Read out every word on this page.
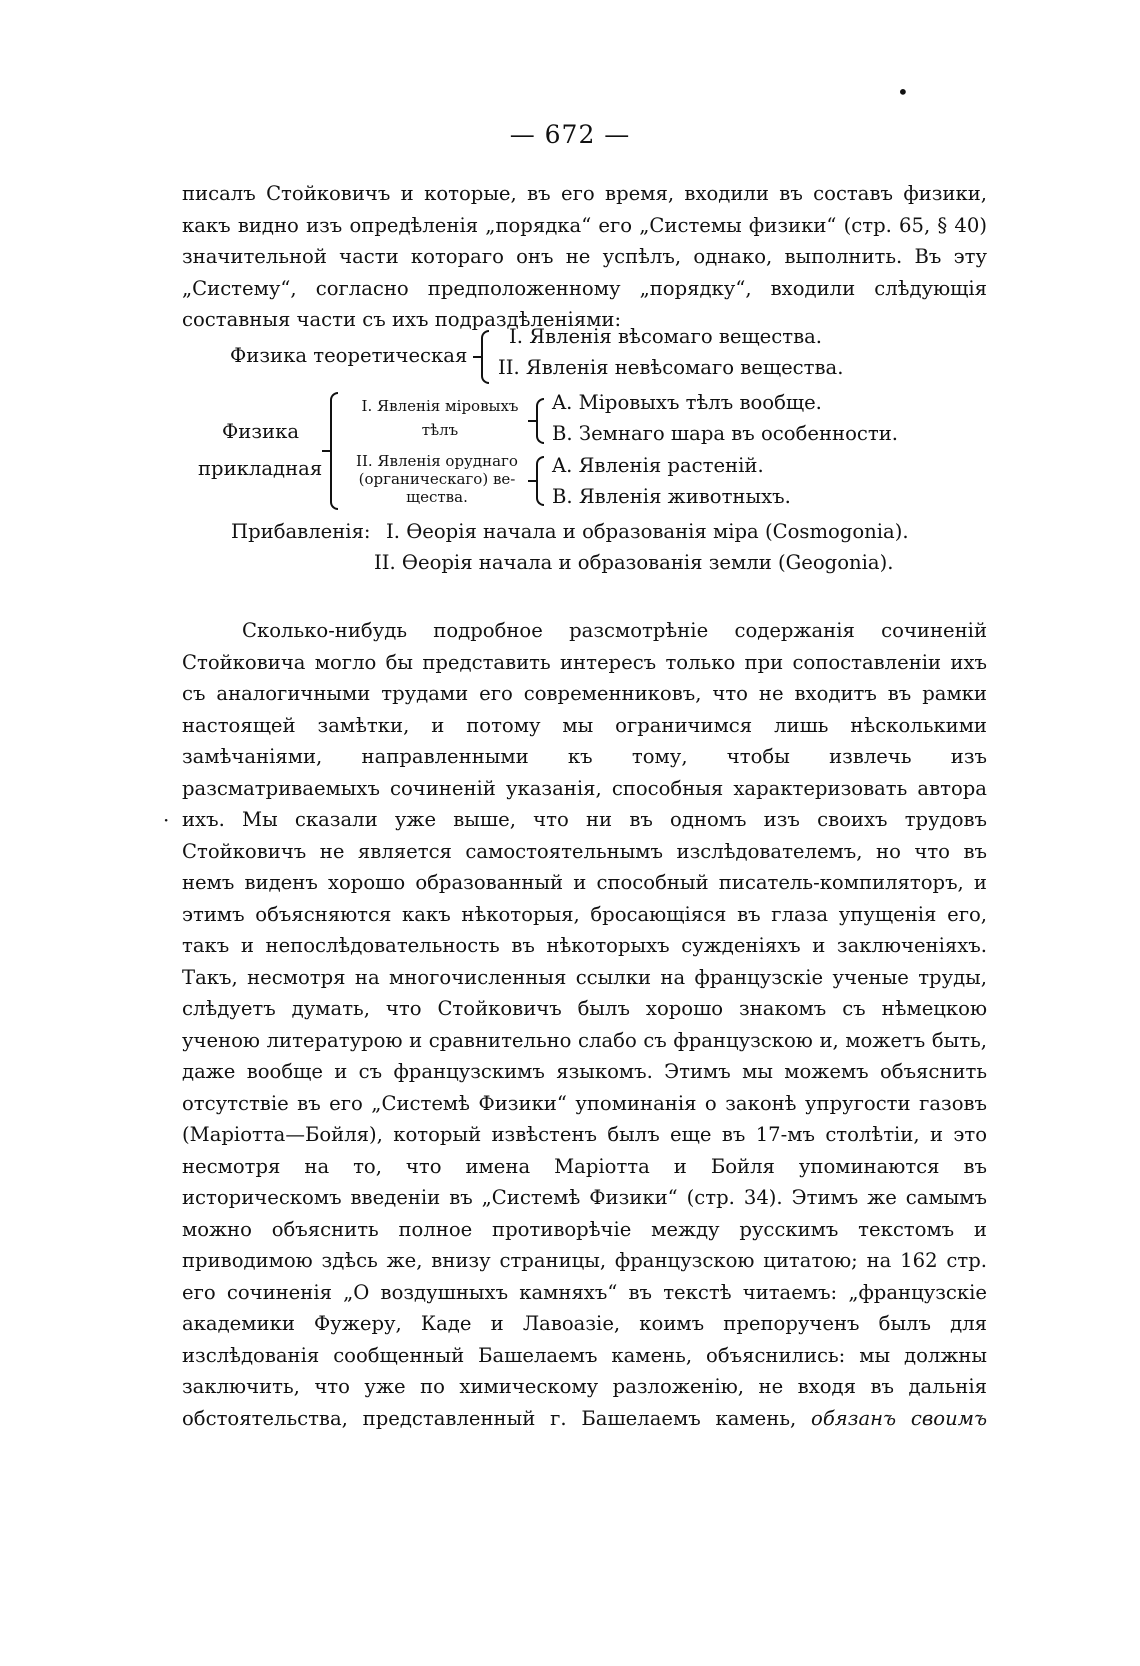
•
·
— 672 —
писалъ Стойковичъ и которые, въ его время, входили въ составъ физики, какъ видно изъ опредѣленія „порядка“ его „Системы физики“ (стр. 65, § 40) значительной части котораго онъ не успѣлъ, однако, выполнить. Въ эту „Систему“, согласно предположенному „порядку“, входили слѣдующія составныя части съ ихъ подраздѣленіями:
Физика теоретическая
I. Явленія вѣсомаго вещества.
II. Явленія невѣсомаго вещества.
Физика
прикладная
I. Явленія міровыхъ
тѣлъ
A. Міровыхъ тѣлъ вообще.
B. Земнаго шара въ особенности.
II. Явленія оруднаго
(органическаго) ве-
щества.
A. Явленія растеній.
B. Явленія животныхъ.
Прибавленія: I. Ѳеорія начала и образованія міра (Cosmogonia).
II. Ѳеорія начала и образованія земли (Geogonia).
Сколько-нибудь подробное разсмотрѣніе содержанія сочиненій Стойковича могло бы представить интересъ только при сопоставленіи ихъ съ аналогичными трудами его современниковъ, что не входитъ въ рамки настоящей замѣтки, и потому мы ограничимся лишь нѣсколькими замѣчаніями, направленными къ тому, чтобы извлечь изъ разсматриваемыхъ сочиненій указанія, способныя характеризовать автора ихъ. Мы сказали уже выше, что ни въ одномъ изъ своихъ трудовъ Стойковичъ не является самостоятельнымъ изслѣдователемъ, но что въ немъ виденъ хорошо образованный и способный писатель-компиляторъ, и этимъ объясняются какъ нѣкоторыя, бросающіяся въ глаза упущенія его, такъ и непослѣдовательность въ нѣкоторыхъ сужденіяхъ и заключеніяхъ. Такъ, несмотря на многочисленныя ссылки на французскіе ученые труды, слѣдуетъ думать, что Стойковичъ былъ хорошо знакомъ съ нѣмецкою ученою литературою и сравнительно слабо съ французскою и, можетъ быть, даже вообще и съ французскимъ языкомъ. Этимъ мы можемъ объяснить отсутствіе въ его „Системѣ Физики“ упоминанія о законѣ упругости газовъ (Маріотта—Бойля), который извѣстенъ былъ еще въ 17-мъ столѣтіи, и это несмотря на то, что имена Маріотта и Бойля упоминаются въ историческомъ введеніи въ „Системѣ Физики“ (стр. 34). Этимъ же самымъ можно объяснить полное противорѣчіе между русскимъ текстомъ и приводимою здѣсь же, внизу страницы, французскою цитатою; на 162 стр. его сочиненія „О воздушныхъ камняхъ“ въ текстѣ читаемъ: „французскіе академики Фужеру, Каде и Лавоазіе, коимъ препорученъ былъ для изслѣдованія сообщенный Башелаемъ камень, объяснились: мы должны заключить, что уже по химическому разложенію, не входя въ дальнія обстоятельства, представленный г. Башелаемъ камень, обязанъ своимъ
